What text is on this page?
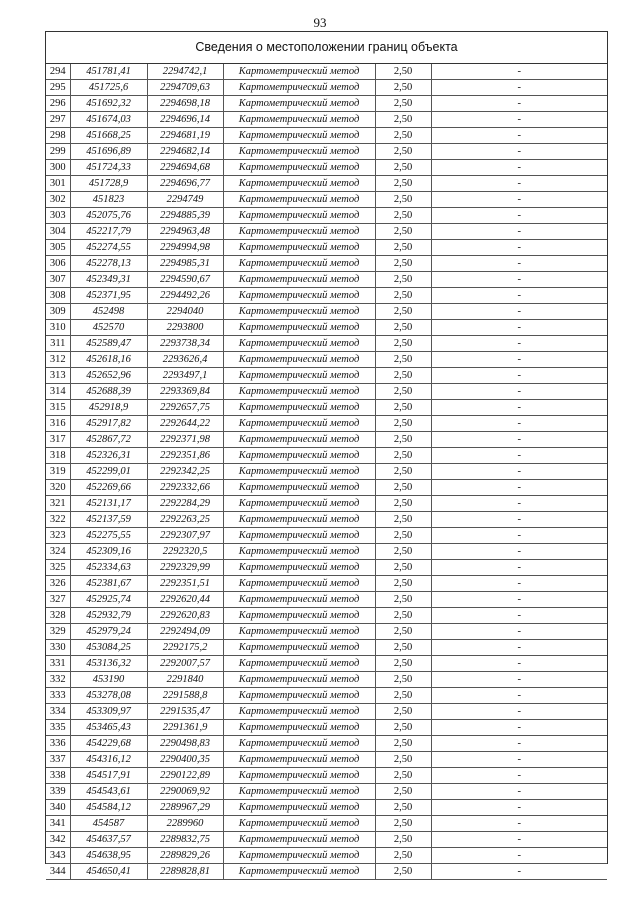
93
Сведения о местоположении границ объекта
294	451781,41	2294742,1	Картометрический метод	2,50	-
295	451725,6	2294709,63	Картометрический метод	2,50	-
296	451692,32	2294698,18	Картометрический метод	2,50	-
297	451674,03	2294696,14	Картометрический метод	2,50	-
298	451668,25	2294681,19	Картометрический метод	2,50	-
299	451696,89	2294682,14	Картометрический метод	2,50	-
300	451724,33	2294694,68	Картометрический метод	2,50	-
301	451728,9	2294696,77	Картометрический метод	2,50	-
302	451823	2294749	Картометрический метод	2,50	-
303	452075,76	2294885,39	Картометрический метод	2,50	-
304	452217,79	2294963,48	Картометрический метод	2,50	-
305	452274,55	2294994,98	Картометрический метод	2,50	-
306	452278,13	2294985,31	Картометрический метод	2,50	-
307	452349,31	2294590,67	Картометрический метод	2,50	-
308	452371,95	2294492,26	Картометрический метод	2,50	-
309	452498	2294040	Картометрический метод	2,50	-
310	452570	2293800	Картометрический метод	2,50	-
311	452589,47	2293738,34	Картометрический метод	2,50	-
312	452618,16	2293626,4	Картометрический метод	2,50	-
313	452652,96	2293497,1	Картометрический метод	2,50	-
314	452688,39	2293369,84	Картометрический метод	2,50	-
315	452918,9	2292657,75	Картометрический метод	2,50	-
316	452917,82	2292644,22	Картометрический метод	2,50	-
317	452867,72	2292371,98	Картометрический метод	2,50	-
318	452326,31	2292351,86	Картометрический метод	2,50	-
319	452299,01	2292342,25	Картометрический метод	2,50	-
320	452269,66	2292332,66	Картометрический метод	2,50	-
321	452131,17	2292284,29	Картометрический метод	2,50	-
322	452137,59	2292263,25	Картометрический метод	2,50	-
323	452275,55	2292307,97	Картометрический метод	2,50	-
324	452309,16	2292320,5	Картометрический метод	2,50	-
325	452334,63	2292329,99	Картометрический метод	2,50	-
326	452381,67	2292351,51	Картометрический метод	2,50	-
327	452925,74	2292620,44	Картометрический метод	2,50	-
328	452932,79	2292620,83	Картометрический метод	2,50	-
329	452979,24	2292494,09	Картометрический метод	2,50	-
330	453084,25	2292175,2	Картометрический метод	2,50	-
331	453136,32	2292007,57	Картометрический метод	2,50	-
332	453190	2291840	Картометрический метод	2,50	-
333	453278,08	2291588,8	Картометрический метод	2,50	-
334	453309,97	2291535,47	Картометрический метод	2,50	-
335	453465,43	2291361,9	Картометрический метод	2,50	-
336	454229,68	2290498,83	Картометрический метод	2,50	-
337	454316,12	2290400,35	Картометрический метод	2,50	-
338	454517,91	2290122,89	Картометрический метод	2,50	-
339	454543,61	2290069,92	Картометрический метод	2,50	-
340	454584,12	2289967,29	Картометрический метод	2,50	-
341	454587	2289960	Картометрический метод	2,50	-
342	454637,57	2289832,75	Картометрический метод	2,50	-
343	454638,95	2289829,26	Картометрический метод	2,50	-
344	454650,41	2289828,81	Картометрический метод	2,50	-
